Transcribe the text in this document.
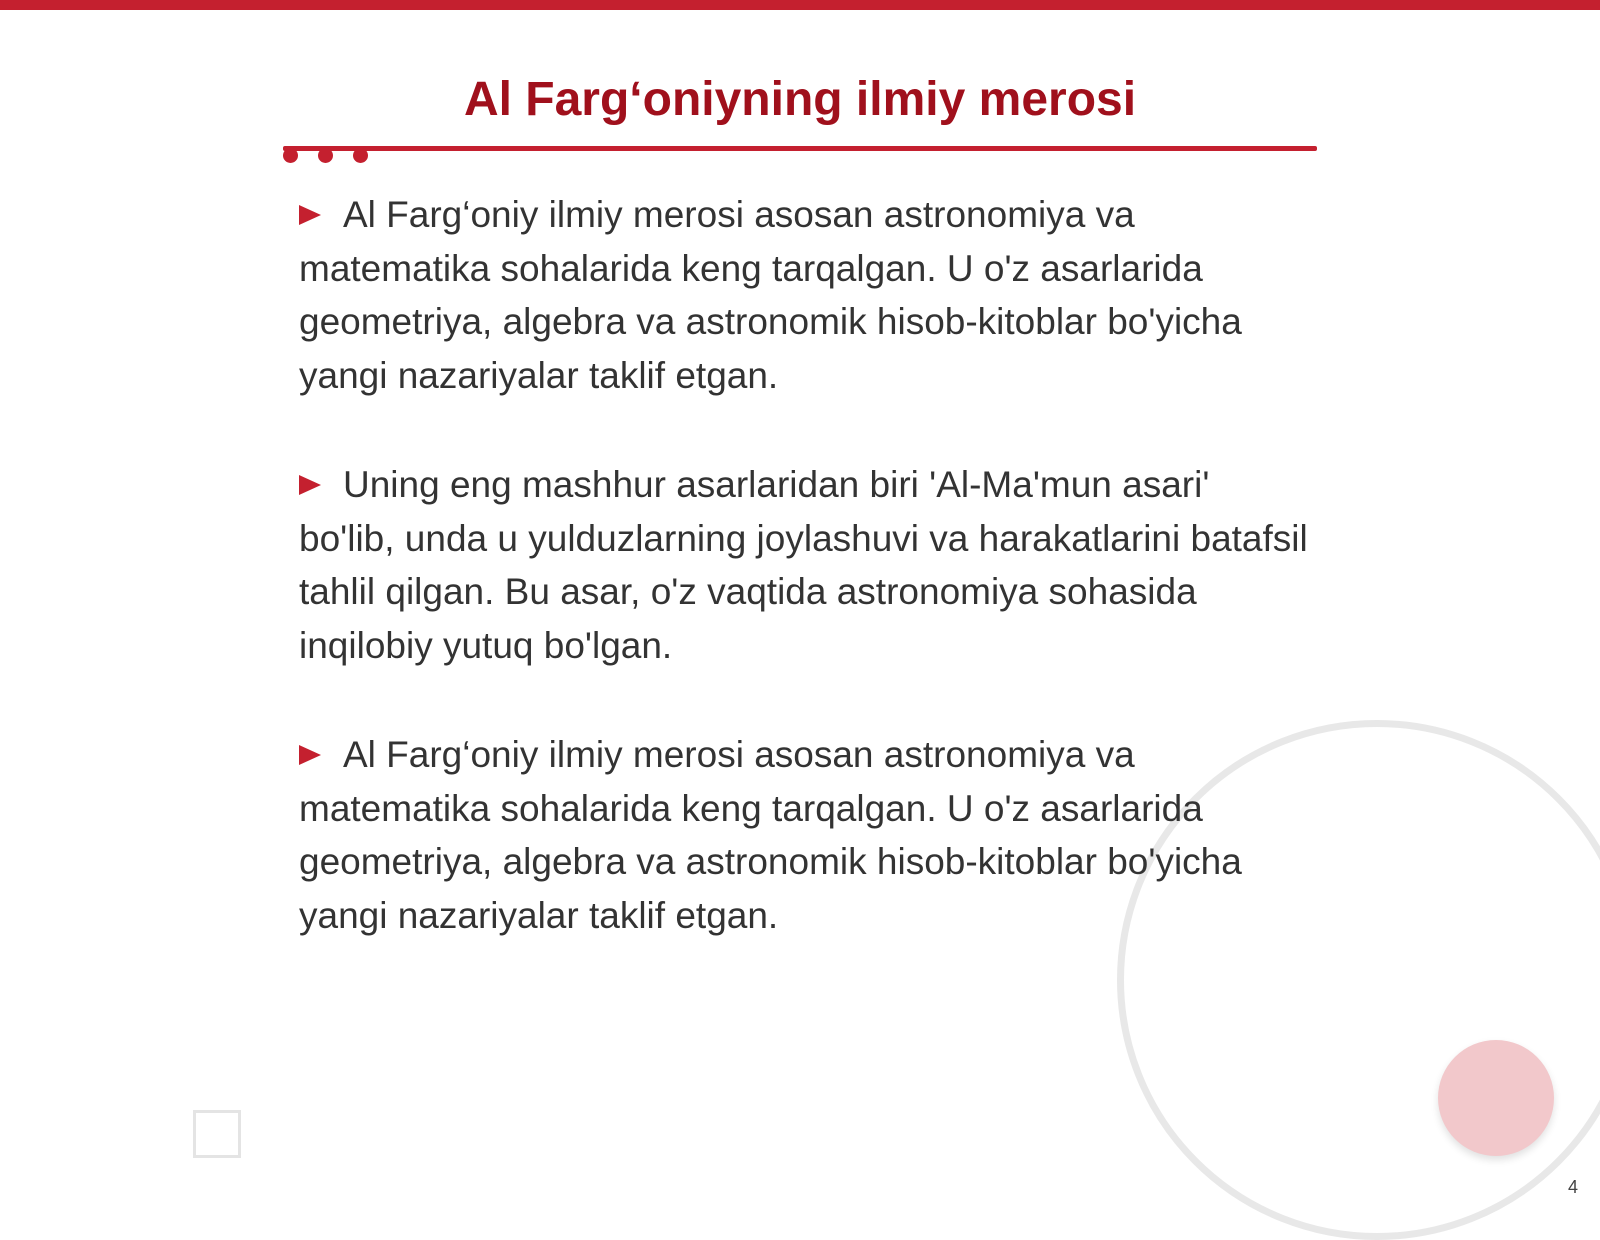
Al Farg‘oniyning ilmiy merosi

Al Farg‘oniy ilmiy merosi asosan astronomiya va matematika sohalarida keng tarqalgan. U o'z asarlarida geometriya, algebra va astronomik hisob-kitoblar bo'yicha yangi nazariyalar taklif etgan.

Uning eng mashhur asarlaridan biri 'Al-Ma'mun asari' bo'lib, unda u yulduzlarning joylashuvi va harakatlarini batafsil tahlil qilgan. Bu asar, o'z vaqtida astronomiya sohasida inqilobiy yutuq bo'lgan.

Al Farg‘oniy ilmiy merosi asosan astronomiya va matematika sohalarida keng tarqalgan. U o'z asarlarida geometriya, algebra va astronomik hisob-kitoblar bo'yicha yangi nazariyalar taklif etgan.

4
